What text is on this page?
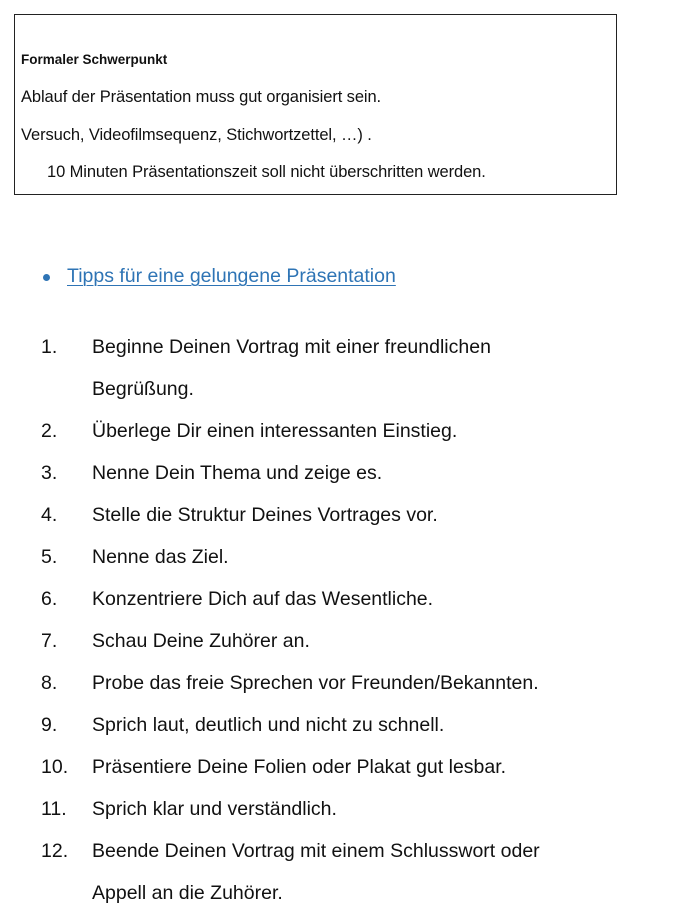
Formaler Schwerpunkt
Ablauf der Präsentation muss gut organisiert sein.
Versuch, Videofilmsequenz, Stichwortzettel, …) .
10 Minuten Präsentationszeit soll nicht überschritten werden.
Tipps für eine gelungene Präsentation
1.	Beginne Deinen Vortrag mit einer freundlichen Begrüßung.
2.	Überlege Dir einen interessanten Einstieg.
3.	Nenne Dein Thema und zeige es.
4.	Stelle die Struktur Deines Vortrages vor.
5.	Nenne das Ziel.
6.	Konzentriere Dich auf das Wesentliche.
7.	Schau Deine Zuhörer an.
8.	Probe das freie Sprechen vor Freunden/Bekannten.
9.	Sprich laut, deutlich und nicht zu schnell.
10.	Präsentiere Deine Folien oder Plakat gut lesbar.
11.	Sprich klar und verständlich.
12.	Beende Deinen Vortrag mit einem Schlusswort oder Appell an die Zuhörer.
